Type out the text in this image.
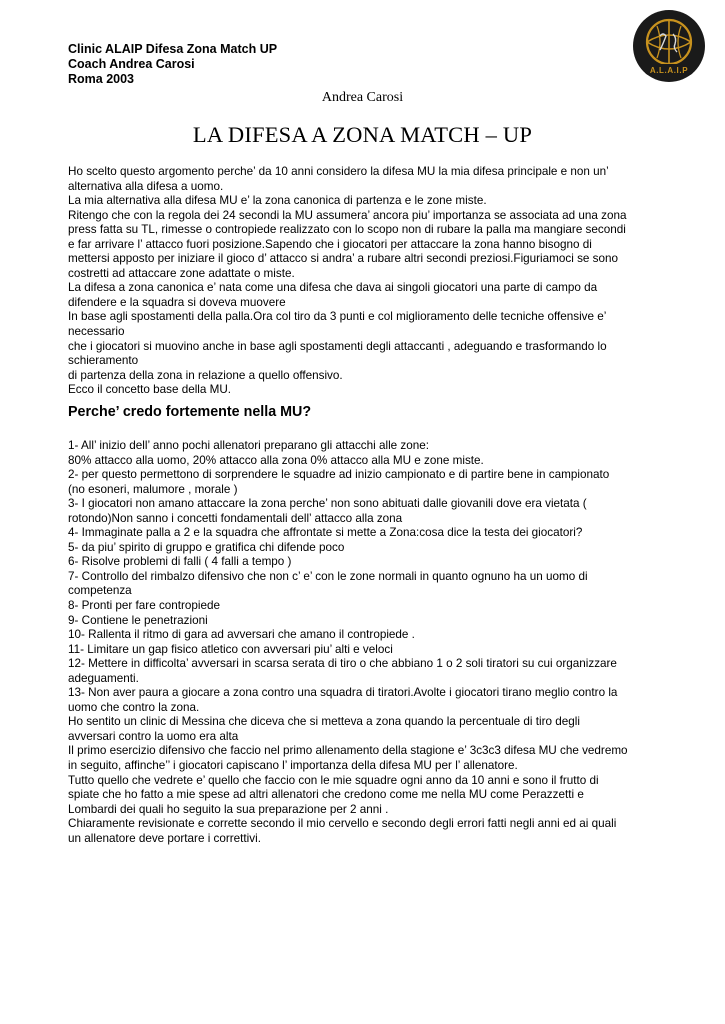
Clinic ALAIP Difesa Zona Match UP
Coach Andrea Carosi
Roma 2003
A.L.A.I.P
Andrea Carosi
LA DIFESA A ZONA MATCH – UP
Ho scelto questo argomento perche’ da 10 anni considero la difesa MU la mia difesa principale e non un’
alternativa alla difesa a uomo.
La mia alternativa alla difesa MU e’ la zona canonica di partenza e le zone miste.
Ritengo che con la regola dei 24 secondi la MU assumera’ ancora piu’ importanza se associata ad una zona
press fatta su TL, rimesse o contropiede realizzato con lo scopo non di rubare la palla ma mangiare secondi
e far arrivare l’ attacco fuori posizione.Sapendo che i giocatori per attaccare la zona hanno bisogno di
mettersi apposto per iniziare il gioco d’ attacco si andra’ a rubare altri secondi preziosi.Figuriamoci se sono
costretti ad attaccare zone adattate o miste.
La difesa a zona canonica e’ nata come una difesa che dava ai singoli giocatori una parte di campo da
difendere e la squadra si doveva muovere
In base agli spostamenti della palla.Ora col tiro da 3 punti e col miglioramento delle tecniche offensive e’
necessario
che i giocatori si muovino anche in base agli spostamenti degli attaccanti , adeguando e trasformando lo
schieramento
di partenza della zona in relazione a quello offensivo.
Ecco il concetto base della MU.
Perche’ credo fortemente nella MU?
1- All’ inizio dell’ anno pochi allenatori preparano gli attacchi alle zone:
80% attacco alla uomo, 20% attacco alla zona 0% attacco alla MU e zone miste.
2- per questo permettono di sorprendere le squadre ad inizio campionato e di partire bene in campionato
(no esoneri, malumore , morale )
3- I giocatori non amano attaccare la zona perche’ non sono abituati dalle giovanili dove era vietata (
rotondo)Non sanno i concetti fondamentali dell’ attacco alla zona
4- Immaginate palla a 2 e la squadra che affrontate si mette a Zona:cosa dice la testa dei giocatori?
5- da piu’ spirito di gruppo e gratifica chi difende poco
6- Risolve problemi di falli ( 4 falli a tempo )
7- Controllo del rimbalzo difensivo che non c’ e’ con le zone normali in quanto ognuno ha un uomo di
competenza
8- Pronti per fare contropiede
9- Contiene le penetrazioni
10- Rallenta il ritmo di gara ad avversari che amano il contropiede .
11- Limitare un gap fisico atletico con avversari piu’ alti e veloci
12- Mettere in difficolta’ avversari in scarsa serata di tiro o che abbiano 1 o 2 soli tiratori su cui organizzare
adeguamenti.
13- Non aver paura a giocare a zona contro una squadra di tiratori.Avolte i giocatori tirano meglio contro la
uomo che contro la zona.
Ho sentito un clinic di Messina che diceva che si metteva a zona quando la percentuale di tiro degli
avversari contro la uomo era alta
Il primo esercizio difensivo che faccio nel primo allenamento della stagione e’ 3c3c3 difesa MU che vedremo
in seguito, affinche’’ i giocatori capiscano l’ importanza della difesa MU per l’ allenatore.
Tutto quello che vedrete e’ quello che faccio con le mie squadre ogni anno da 10 anni e sono il frutto di
spiate che ho fatto a mie spese ad altri allenatori che credono come me nella MU come Perazzetti e
Lombardi dei quali ho seguito la sua preparazione per 2 anni .
Chiaramente revisionate e corrette secondo il mio cervello e secondo degli errori fatti negli anni ed ai quali
un allenatore deve portare i correttivi.
